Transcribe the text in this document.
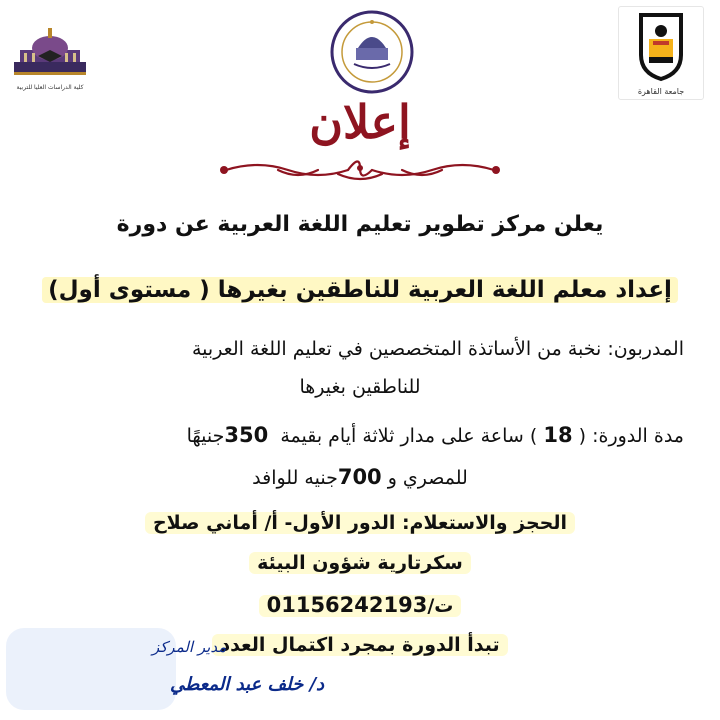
كلية الدراسات العليا للتربية	جامعة القاهرة
إعلان
يعلن مركز تطوير تعليم اللغة العربية عن دورة
إعداد معلم اللغة العربية للناطقين بغيرها ( مستوى أول)
المدربون: نخبة من الأساتذة المتخصصين في تعليم اللغة العربية
للناطقين بغيرها
مدة الدورة: ( 18 ) ساعة على مدار ثلاثة أيام بقيمة  350جنيهًا
للمصري و 700جنيه للوافد
الحجز والاستعلام: الدور الأول- أ/ أماني صلاح
سكرتارية شؤون البيئة
ت/01156242193
تبدأ الدورة بمجرد اكتمال العدد
مدير المركز
د/ خلف عبد المعطي
